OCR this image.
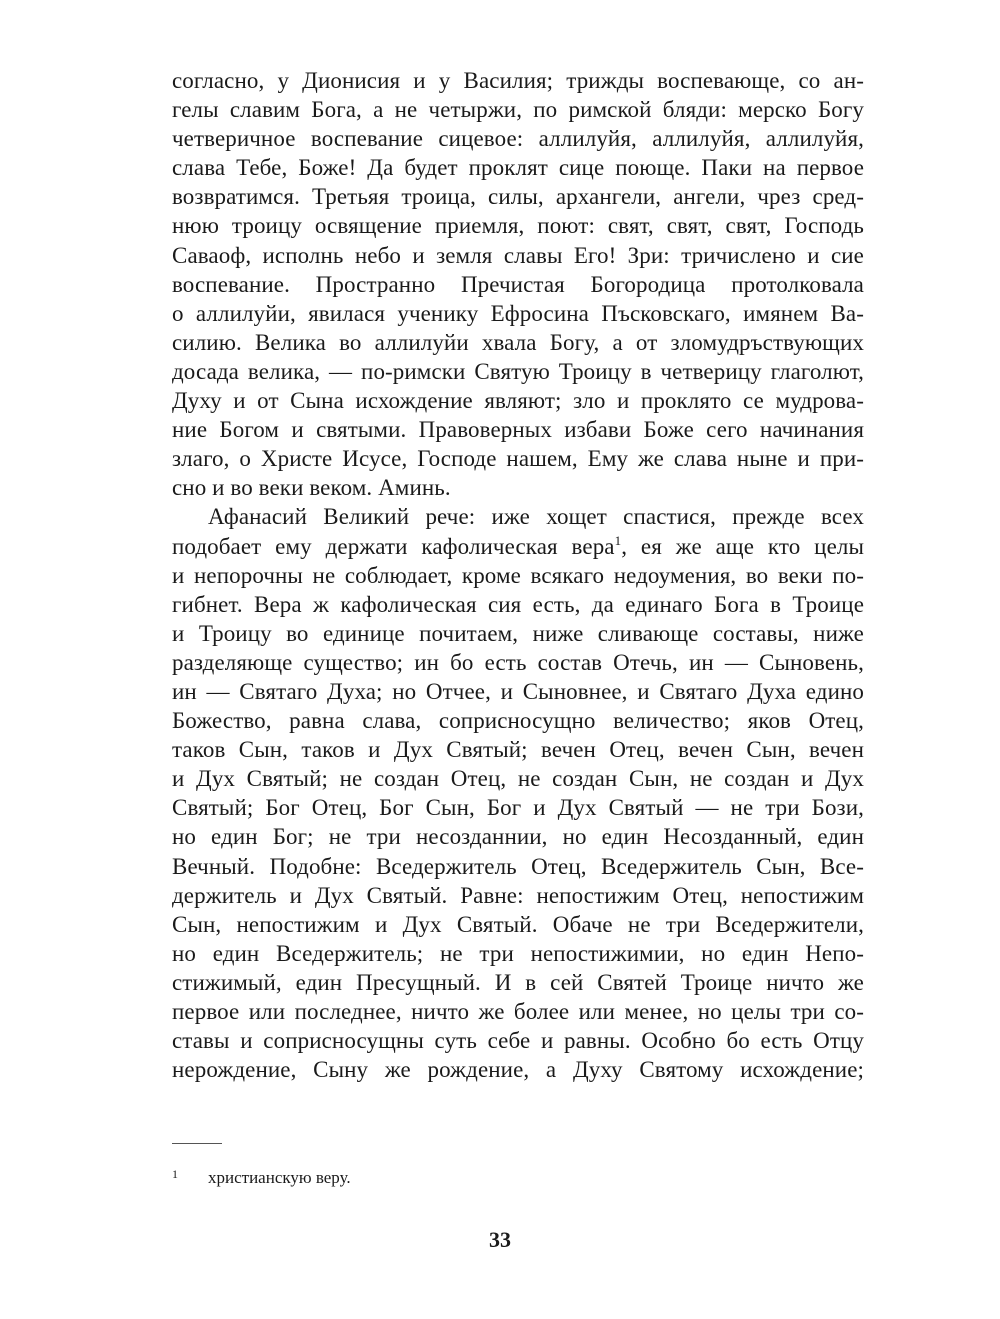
согласно, у Дионисия и у Василия; трижды воспевающе, со ан-
гелы славим Бога, а не четыржи, по римской бляди: мерско Богу
четверичное воспевание сицевое: аллилуйя, аллилуйя, аллилуйя,
слава Тебе, Боже! Да будет проклят сице поюще. Паки на первое
возвратимся. Третьяя троица, силы, архангели, ангели, чрез сред-
нюю троицу освящение приемля, поют: свят, свят, свят, Господь
Саваоф, исполнь небо и земля славы Его! Зри: тричислено и сие
воспевание. Пространно Пречистая Богородица протолковала
о аллилуйи, явилася ученику Ефросина Пъсковскаго, имянем Ва-
силию. Велика во аллилуйи хвала Богу, а от зломудръствующих
досада велика, — по-римски Святую Троицу в четверицу глаголют,
Духу и от Сына исхождение являют; зло и проклято се мудрова-
ние Богом и святыми. Правоверных избави Боже сего начинания
злаго, о Христе Исусе, Господе нашем, Ему же слава ныне и при-
сно и во веки веком. Аминь.
Афанасий Великий рече: иже хощет спастися, прежде всех
подобает ему держати кафолическая вера$^1$, ея же аще кто целы
и непорочны не соблюдает, кроме всякаго недоумения, во веки по-
гибнет. Вера ж кафолическая сия есть, да единаго Бога в Троице
и Троицу во единице почитаем, ниже сливающе составы, ниже
разделяюще существо; ин бо есть состав Отечь, ин — Сыновень,
ин — Святаго Духа; но Отчее, и Сыновнее, и Святаго Духа едино
Божество, равна слава, соприсносущно величество; яков Отец,
таков Сын, таков и Дух Святый; вечен Отец, вечен Сын, вечен
и Дух Святый; не создан Отец, не создан Сын, не создан и Дух
Святый; Бог Отец, Бог Сын, Бог и Дух Святый — не три Бози,
но един Бог; не три несозданнии, но един Несозданный, един
Вечный. Подобне: Вседержитель Отец, Вседержитель Сын, Все-
держитель и Дух Святый. Равне: непостижим Отец, непостижим
Сын, непостижим и Дух Святый. Обаче не три Вседержители,
но един Вседержитель; не три непостижимии, но един Непо-
стижимый, един Пресущный. И в сей Святей Троице ничто же
первое или последнее, ничто же более или менее, но целы три со-
ставы и соприсносущны суть себе и равны. Особно бо есть Отцу
нерождение, Сыну же рождение, а Духу Святому исхождение;
1 христианскую веру.
33
